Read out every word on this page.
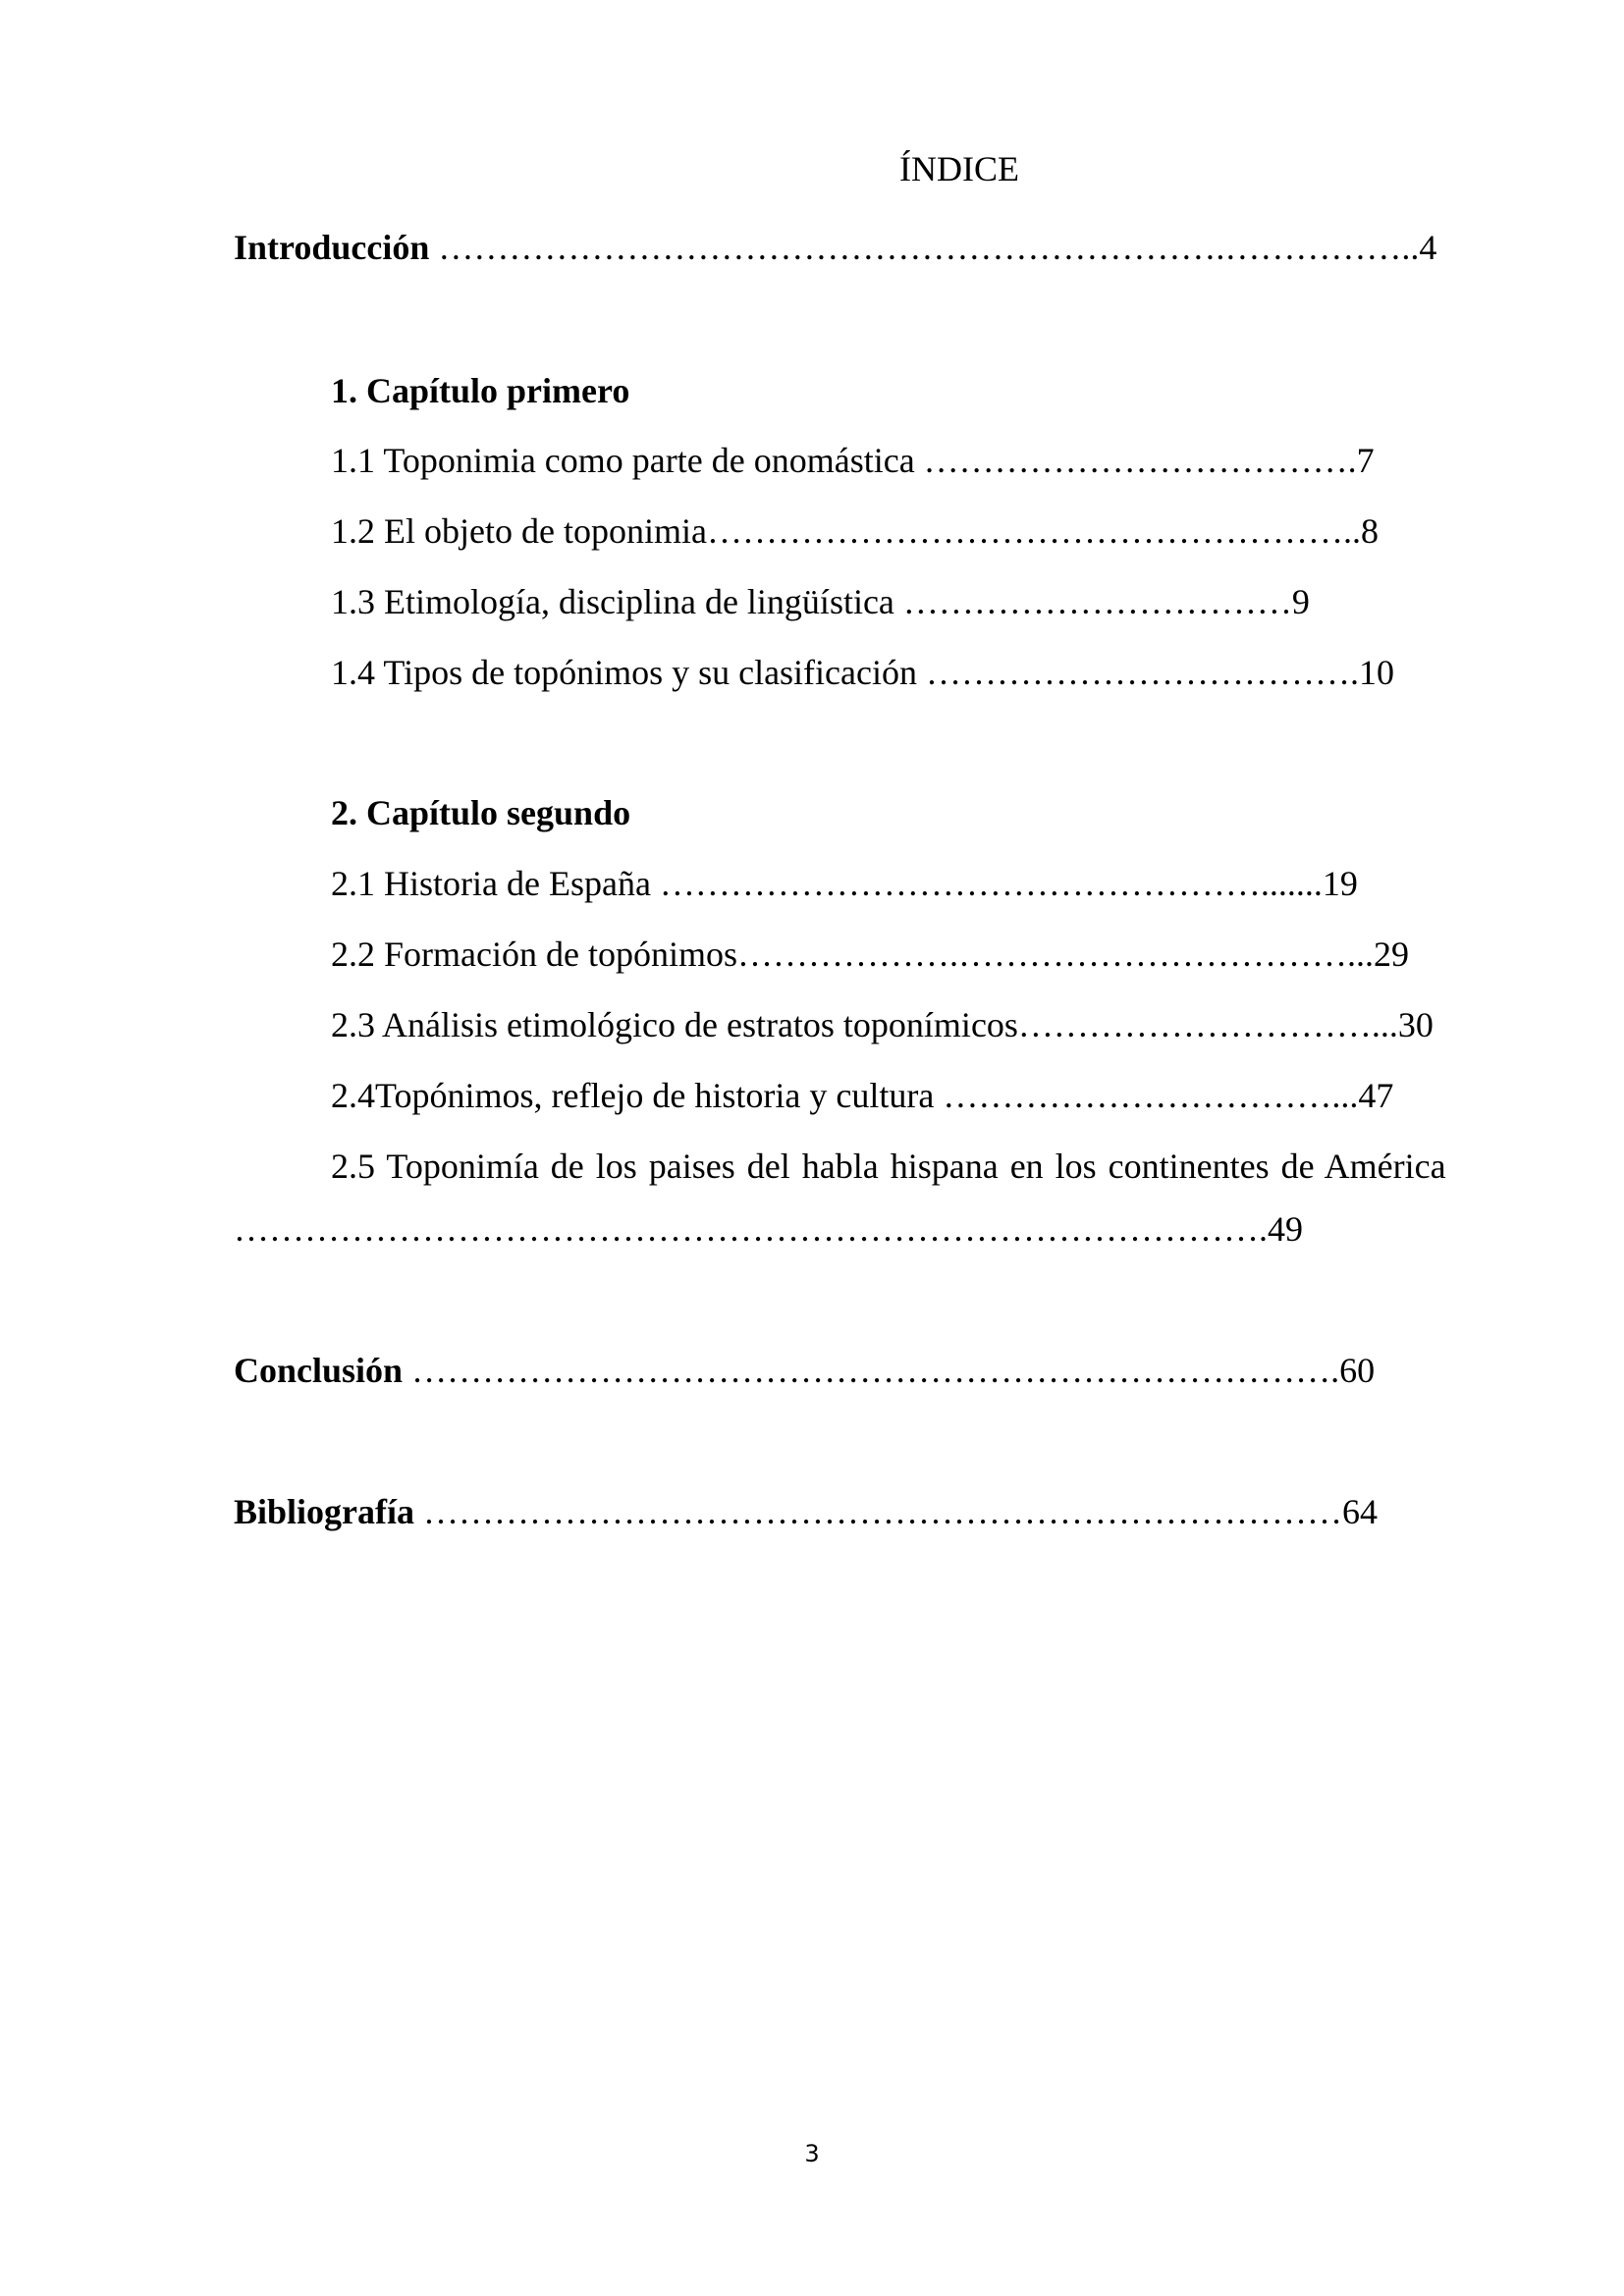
ÍNDICE
Introducción ………………………………………………………….……………..4
1. Capítulo primero
1.1 Toponimia como parte de onomástica ……………………………….7
1.2 El objeto de toponimia………………………………………………..8
1.3 Etimología, disciplina de lingüística ……………………………9
1.4 Tipos de topónimos y su clasificación ……………………………….10
2. Capítulo segundo
2.1 Historia de España …………………………………………….......19
2.2 Formación de topónimos……………….……………………………...29
2.3 Análisis etimológico de estratos toponímicos…………………………...30
2.4Topónimos, reflejo de historia y cultura ……………………………...47
2.5 Toponimía de los paises del habla hispana en los continentes de América
…………………………………………………………………………….49
Conclusión …………………………………………………………………….60
Bibliografía ……………………………………………………………………64
3
